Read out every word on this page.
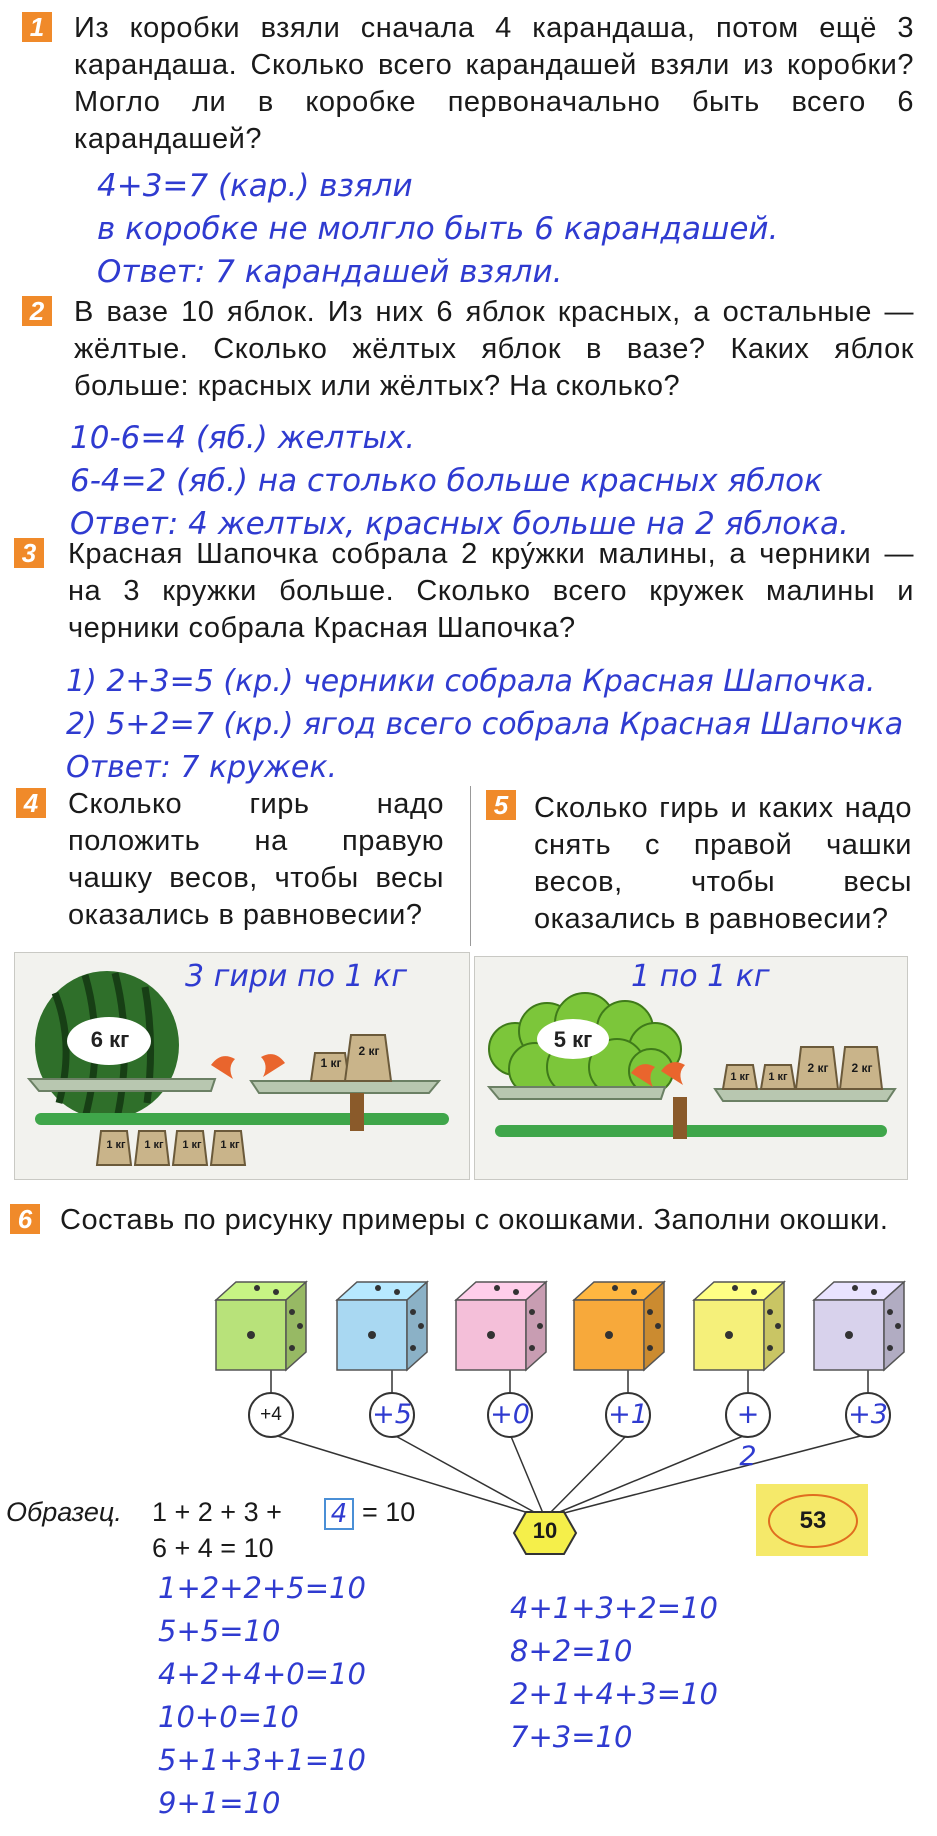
1 Из коробки взяли сначала 4 карандаша, потом ещё 3 карандаша. Сколько всего карандашей взяли из коробки? Могло ли в коробке первоначально быть всего 6 карандашей?
4+3=7 (кар.) взяли
в коробке не молгло быть 6 карандашей.
Ответ: 7 карандашей взяли.
2 В вазе 10 яблок. Из них 6 яблок красных, а остальные — жёлтые. Сколько жёлтых яблок в вазе? Каких яблок больше: красных или жёлтых? На сколько?
10-6=4 (яб.) желтых.
6-4=2 (яб.) на столько больше красных яблок
Ответ: 4 желтых, красных больше на 2 яблока.
3 Красная Шапочка собрала 2 кру́жки малины, а черники — на 3 кружки больше. Сколько всего кружек малины и черники собрала Красная Шапочка?
1) 2+3=5 (кр.) черники собрала Красная Шапочка.
2) 5+2=7 (кр.) ягод всего собрала Красная Шапочка
Ответ: 7 кружек.
4 Сколько гирь надо положить на правую чашку весов, чтобы весы оказались в равновесии?
5 Сколько гирь и каких надо снять с правой чашки весов, чтобы весы оказались в равновесии?
3 гири по 1 кг
6 кг
1 кг
2 кг
1 кг	1 кг	1 кг	1 кг
1 по 1 кг
5 кг
1 кг	1 кг
2 кг	2 кг
6 Составь по рисунку примеры с окошками. Заполни окошки.
+4	+5	+0	+1	+ 2
+3
10	53
Образец. 1 + 2 + 3 + 4 = 10
6 + 4 = 10
1+2+2+5=10
5+5=10
4+2+4+0=10
10+0=10
5+1+3+1=10
9+1=10
4+1+3+2=10
8+2=10
2+1+4+3=10
7+3=10
